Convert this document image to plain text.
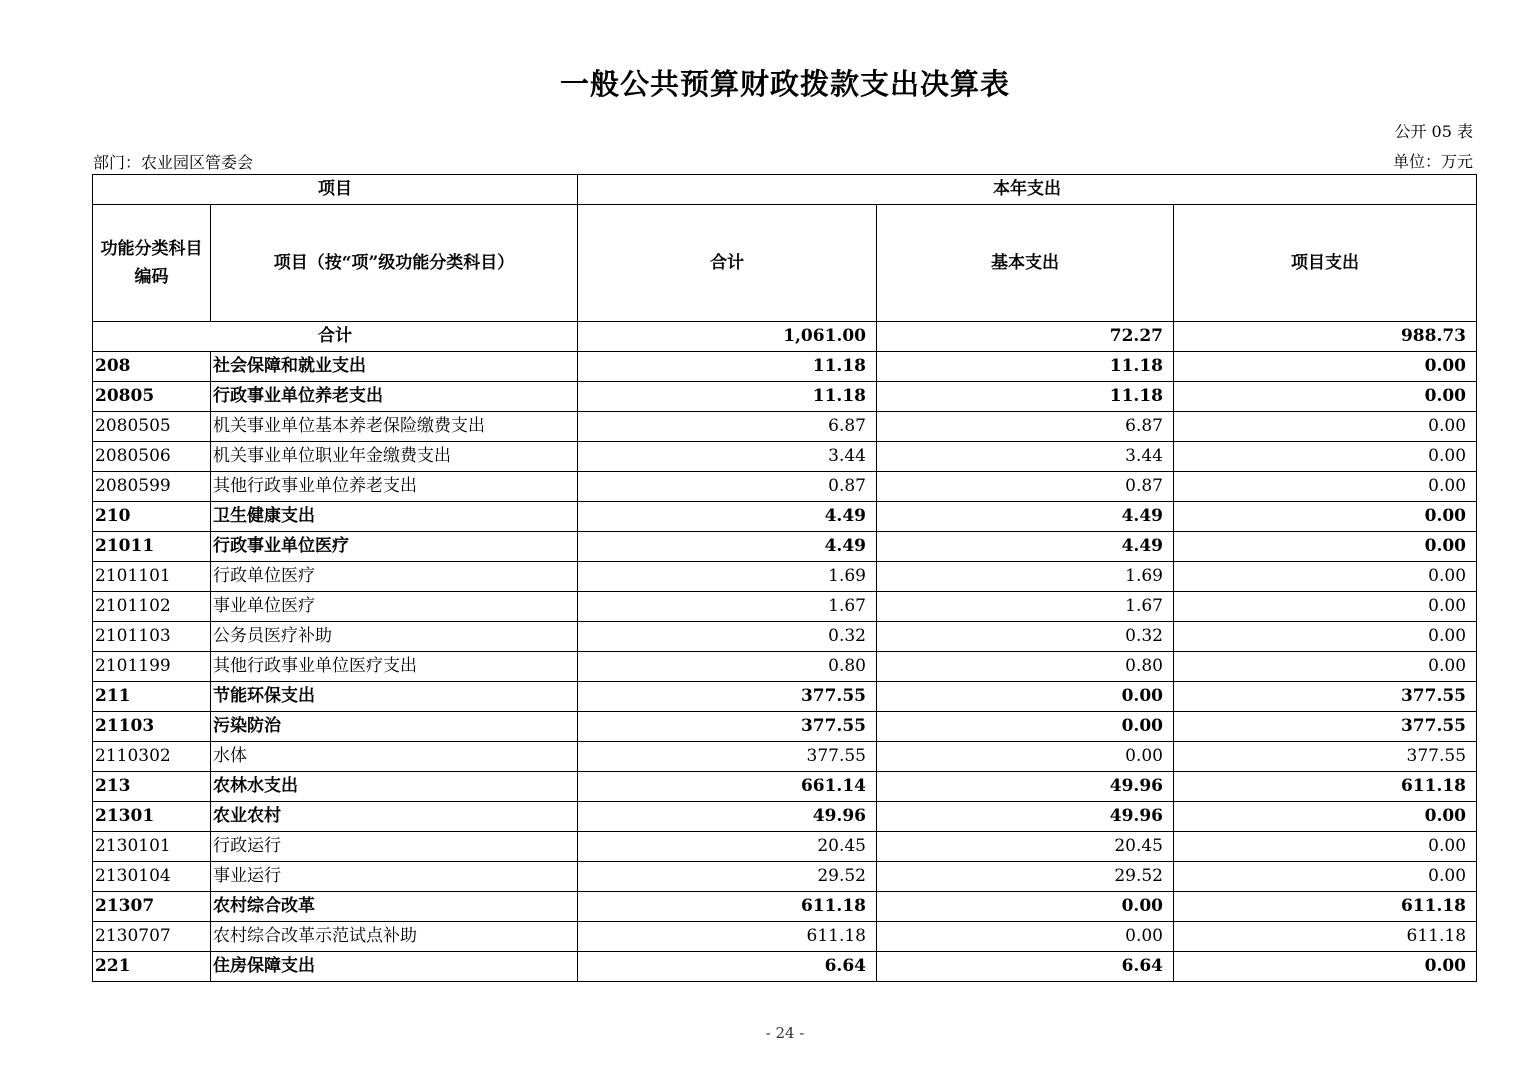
一般公共预算财政拨款支出决算表
公开 05 表
部门：农业园区管委会	单位：万元
项目		本年支出		
功能分类科目编码	项目（按“项”级功能分类科目）	合计	基本支出	项目支出
合计		1,061.00	72.27	988.73
208	社会保障和就业支出	11.18	11.18	0.00
20805	行政事业单位养老支出	11.18	11.18	0.00
2080505	机关事业单位基本养老保险缴费支出	6.87	6.87	0.00
2080506	机关事业单位职业年金缴费支出	3.44	3.44	0.00
2080599	其他行政事业单位养老支出	0.87	0.87	0.00
210	卫生健康支出	4.49	4.49	0.00
21011	行政事业单位医疗	4.49	4.49	0.00
2101101	行政单位医疗	1.69	1.69	0.00
2101102	事业单位医疗	1.67	1.67	0.00
2101103	公务员医疗补助	0.32	0.32	0.00
2101199	其他行政事业单位医疗支出	0.80	0.80	0.00
211	节能环保支出	377.55	0.00	377.55
21103	污染防治	377.55	0.00	377.55
2110302	水体	377.55	0.00	377.55
213	农林水支出	661.14	49.96	611.18
21301	农业农村	49.96	49.96	0.00
2130101	行政运行	20.45	20.45	0.00
2130104	事业运行	29.52	29.52	0.00
21307	农村综合改革	611.18	0.00	611.18
2130707	农村综合改革示范试点补助	611.18	0.00	611.18
221	住房保障支出	6.64	6.64	0.00
- 24 -
